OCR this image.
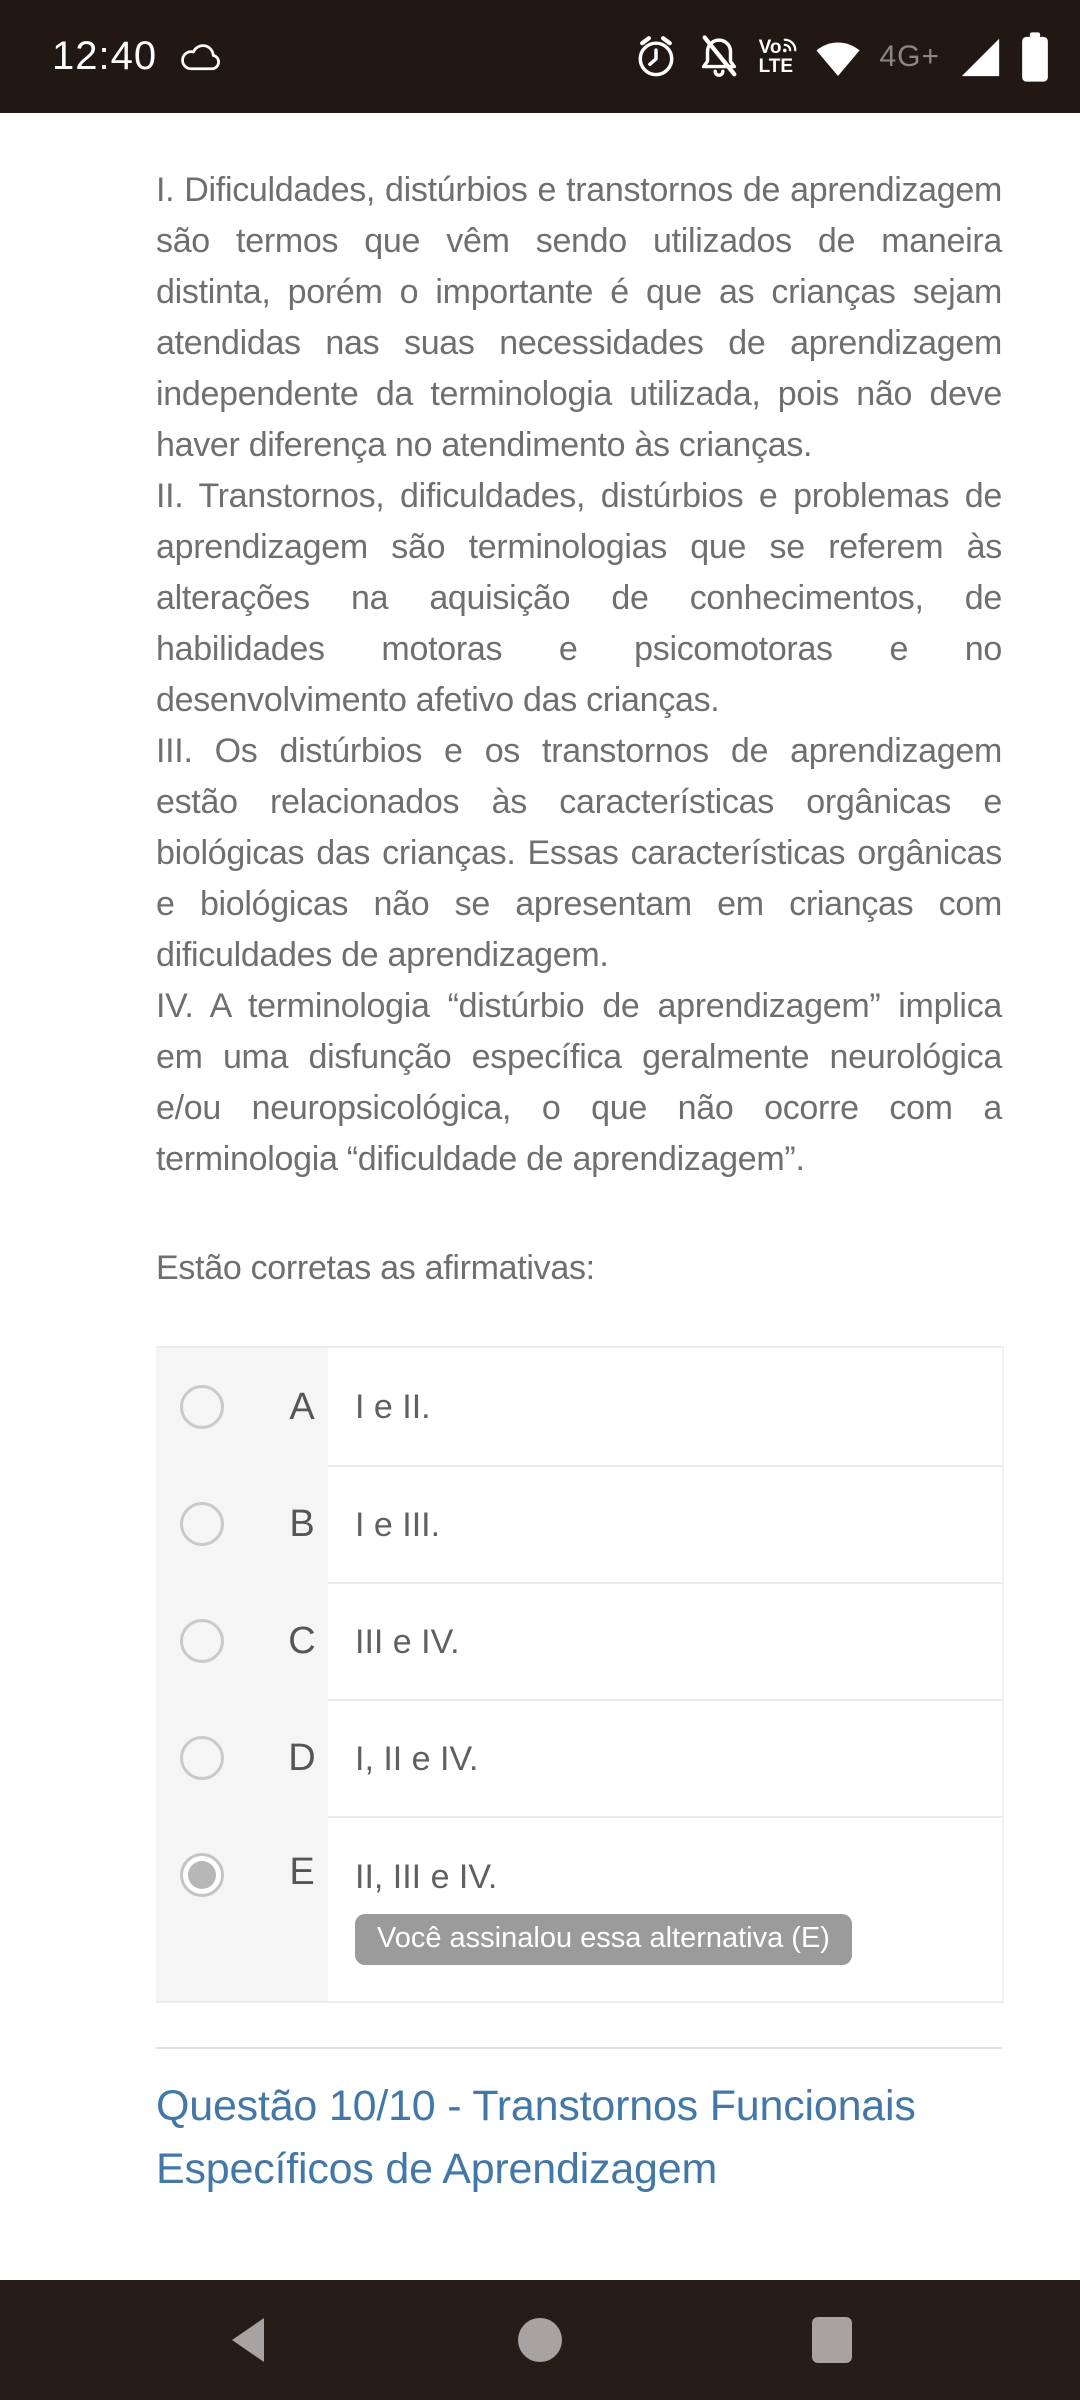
12:40	Vo
LTE	4G+

I. Dificuldades, distúrbios e transtornos de aprendizagem são termos que vêm sendo utilizados de maneira distinta, porém o importante é que as crianças sejam atendidas nas suas necessidades de aprendizagem independente da terminologia utilizada, pois não deve haver diferença no atendimento às crianças.

II. Transtornos, dificuldades, distúrbios e problemas de aprendizagem são terminologias que se referem às alterações na aquisição de conhecimentos, de habilidades motoras e psicomotoras e no desenvolvimento afetivo das crianças.

III. Os distúrbios e os transtornos de aprendizagem estão relacionados às características orgânicas e biológicas das crianças. Essas características orgânicas e biológicas não se apresentam em crianças com dificuldades de aprendizagem.

IV. A terminologia “distúrbio de aprendizagem” implica em uma disfunção específica geralmente neurológica e/ou neuropsicológica, o que não ocorre com a terminologia “dificuldade de aprendizagem”.

Estão corretas as afirmativas:

A I e II.
B I e III.
C III e IV.
D I, II e IV.
E II, III e IV.
Você assinalou essa alternativa (E)
Questão 10/10 - Transtornos Funcionais Específicos de Aprendizagem
